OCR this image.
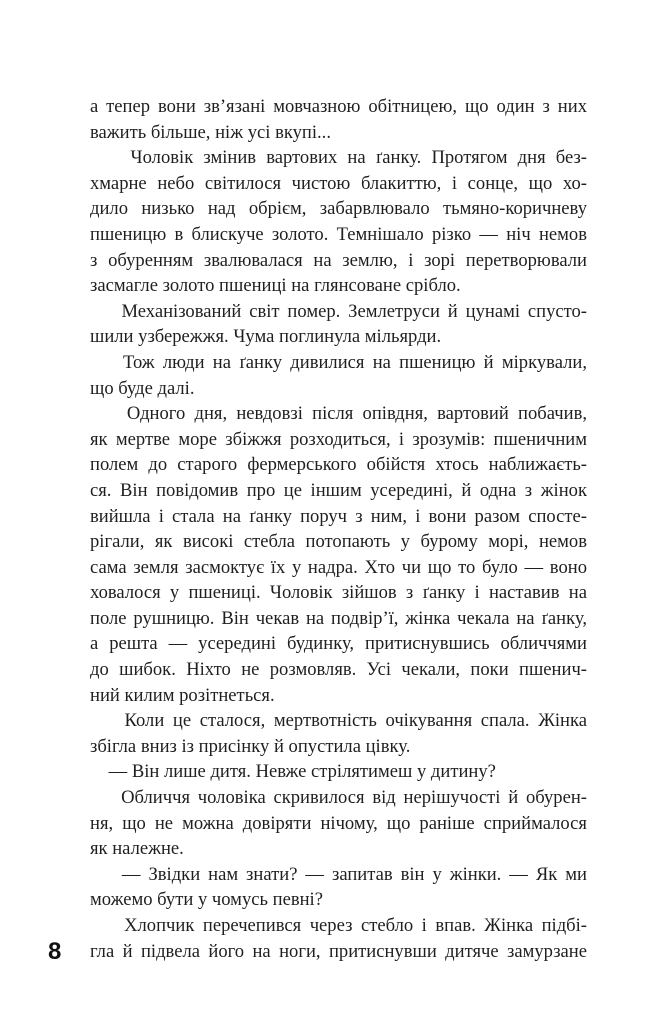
а тепер вони зв’язані мовчазною обітницею, що один з них
важить більше, ніж усі вкупі...
Чоловік змінив вартових на ґанку. Протягом дня без-
хмарне небо світилося чистою блакиттю, і сонце, що хо-
дило низько над обрієм, забарвлювало тьмяно-коричневу
пшеницю в блискуче золото. Темнішало різко — ніч немов
з обуренням звалювалася на землю, і зорі перетворювали
засмагле золото пшениці на глянсоване срібло.
Механізований світ помер. Землетруси й цунамі спусто-
шили узбережжя. Чума поглинула мільярди.
Тож люди на ґанку дивилися на пшеницю й міркували,
що буде далі.
Одного дня, невдовзі після опівдня, вартовий побачив,
як мертве море збіжжя розходиться, і зрозумів: пшеничним
полем до старого фермерського обійстя хтось наближаєть-
ся. Він повідомив про це іншим усередині, й одна з жінок
вийшла і стала на ґанку поруч з ним, і вони разом спостe-
рігали, як високі стебла потопають у бурому морі, немов
сама земля засмоктує їх у надра. Хто чи що то було — воно
ховалося у пшениці. Чоловік зійшов з ґанку і наставив на
поле рушницю. Він чекав на подвір’ї, жінка чекала на ґанку,
а решта — усередині будинку, притиснувшись обличчями
до шибок. Ніхто не розмовляв. Усі чекали, поки пшенич-
ний килим розітнеться.
Коли це сталося, мертвотність очікування спала. Жінка
збігла вниз із присінку й опустила цівку.
— Він лише дитя. Невже стрілятимеш у дитину?
Обличчя чоловіка скривилося від нерішучості й обурен-
ня, що не можна довіряти нічому, що раніше сприймалося
як належне.
— Звідки нам знати? — запитав він у жінки. — Як ми
можемо бути у чомусь певні?
Хлопчик перечепився через стебло і впав. Жінка підбі-
гла й підвела його на ноги, притиснувши дитяче замурзане
8
